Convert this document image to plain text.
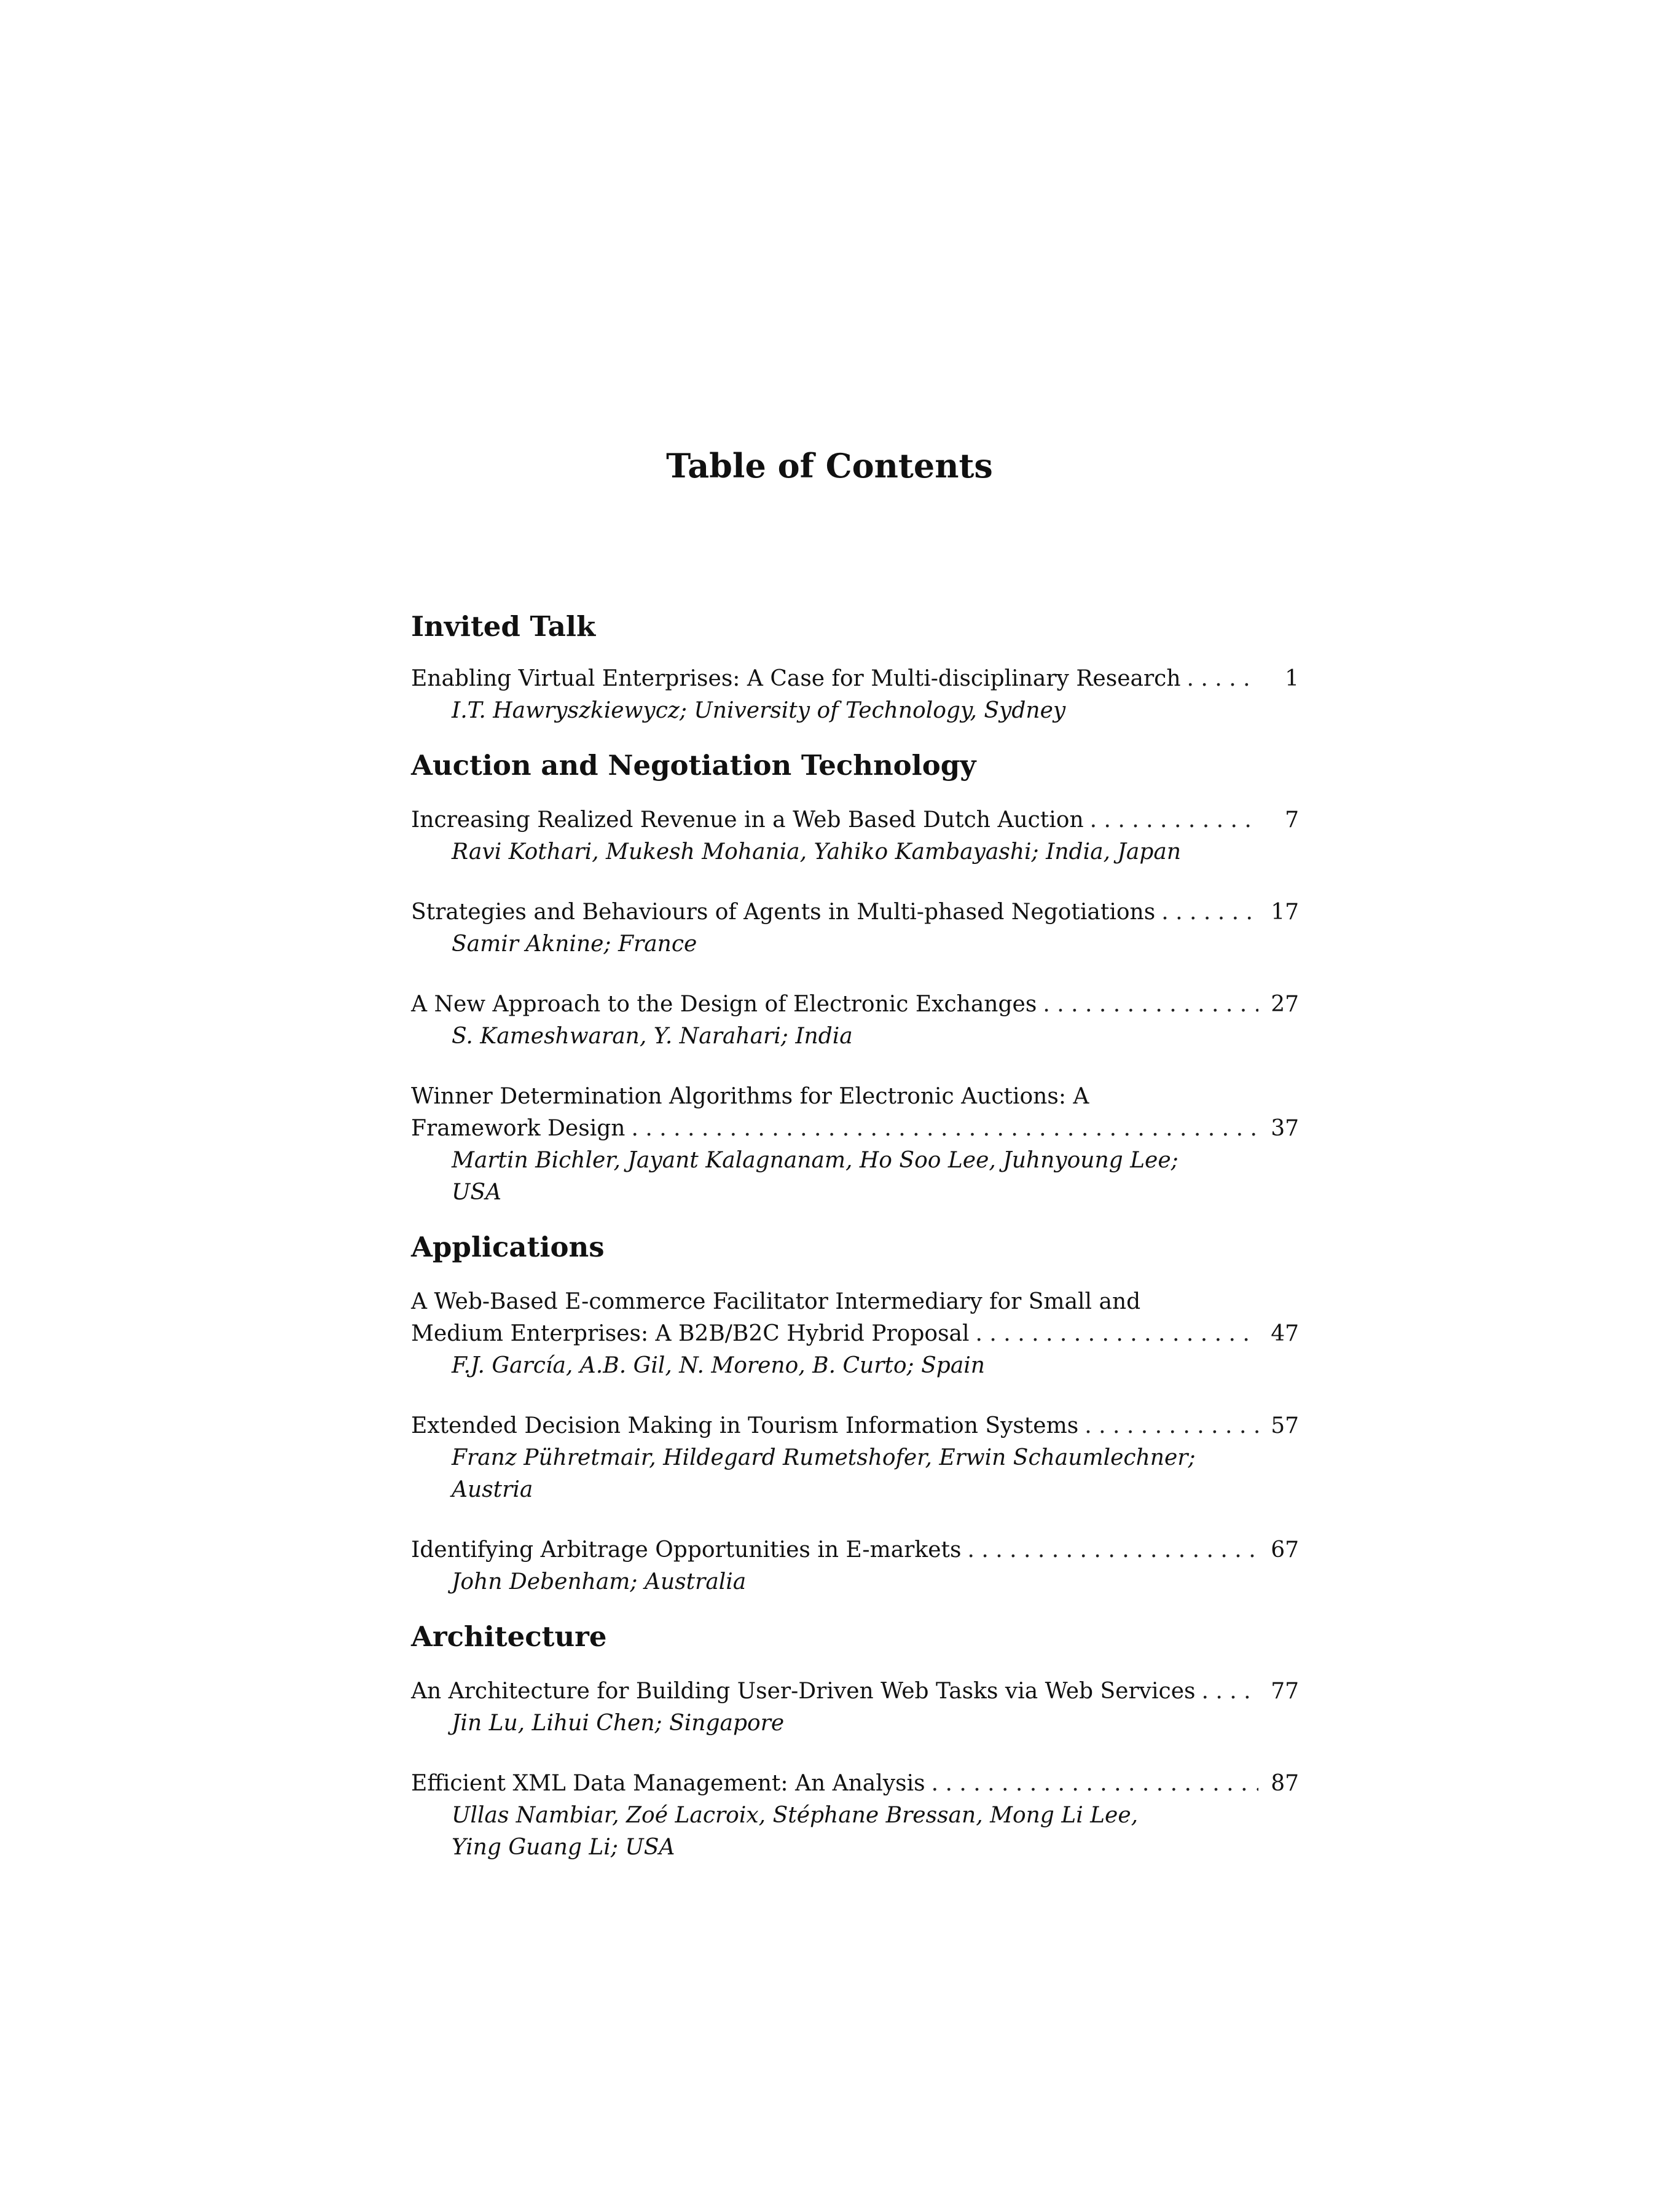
Table of Contents
Invited Talk
Enabling Virtual Enterprises: A Case for Multi-disciplinary Research . . .	1
I.T. Hawryszkiewycz; University of Technology, Sydney
Auction and Negotiation Technology
Increasing Realized Revenue in a Web Based Dutch Auction . . .	7
Ravi Kothari, Mukesh Mohania, Yahiko Kambayashi; India, Japan
Strategies and Behaviours of Agents in Multi-phased Negotiations . . .	17
Samir Aknine; France
A New Approach to the Design of Electronic Exchanges . . .	27
S. Kameshwaran, Y. Narahari; India
Winner Determination Algorithms for Electronic Auctions: A
Framework Design . . .	37
Martin Bichler, Jayant Kalagnanam, Ho Soo Lee, Juhnyoung Lee;
USA
Applications
A Web-Based E-commerce Facilitator Intermediary for Small and
Medium Enterprises: A B2B/B2C Hybrid Proposal . . .	47
F.J. García, A.B. Gil, N. Moreno, B. Curto; Spain
Extended Decision Making in Tourism Information Systems . . .	57
Franz Pühretmair, Hildegard Rumetshofer, Erwin Schaumlechner;
Austria
Identifying Arbitrage Opportunities in E-markets . . .	67
John Debenham; Australia
Architecture
An Architecture for Building User-Driven Web Tasks via Web Services . . .	77
Jin Lu, Lihui Chen; Singapore
Efficient XML Data Management: An Analysis . . .	87
Ullas Nambiar, Zoé Lacroix, Stéphane Bressan, Mong Li Lee,
Ying Guang Li; USA
